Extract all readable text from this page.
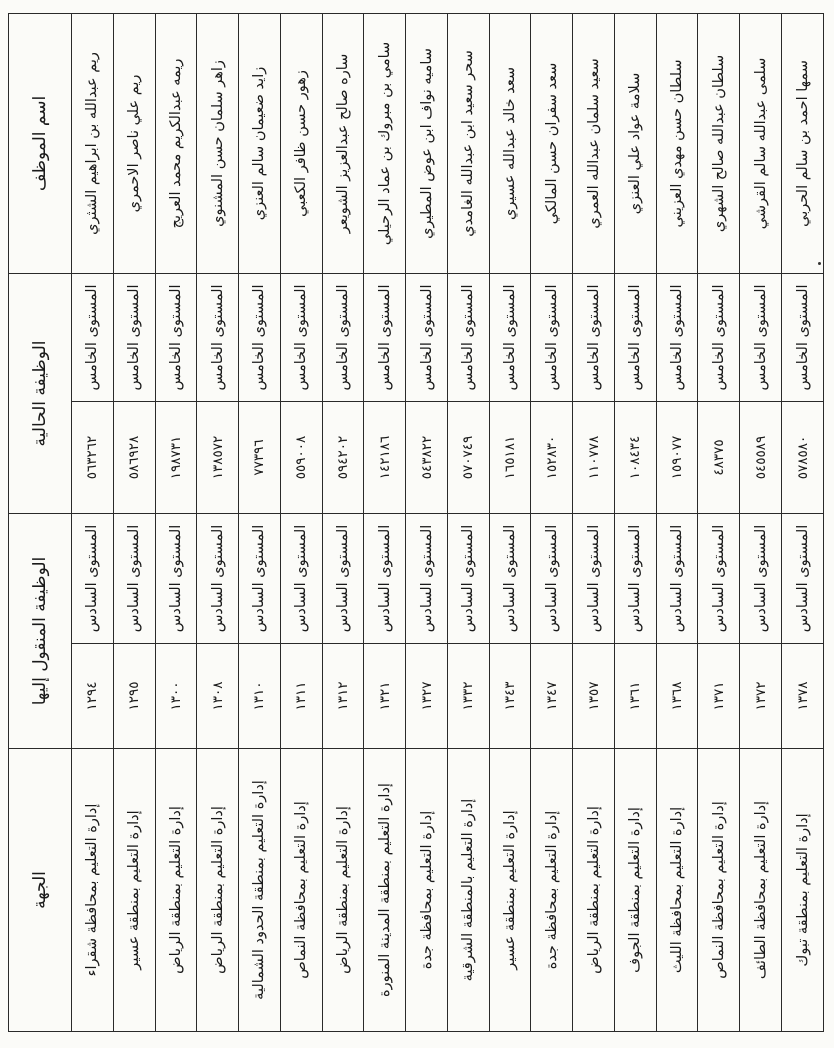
اسم الموظف	الوظيفة الحالية		الوظيفة المنقول إليها		الجهة
ريم عبدالله بن ابراهيم الشثري	المستوى الخامس	٥٦٣٢٦٢	المستوى السادس	١٢٩٤	إدارة التعليم بمحافظة شقراء
ريم علي ناصر الاحمري	المستوى الخامس	٥٨٦٩٢٨	المستوى السادس	١٢٩٥	إدارة التعليم بمنطقة عسير
ريمه عبدالكريم محمد العريج	المستوى الخامس	١٩٨٧٣١	المستوى السادس	١٣٠٠	إدارة التعليم بمنطقة الرياض
زاهر سلمان حسن المشنوي	المستوى الخامس	١٣٨٥٧٢	المستوى السادس	١٣٠٨	إدارة التعليم بمنطقة الرياض
زايد ضعيمان سالم العنزي	المستوى الخامس	٧٧٣٩٦	المستوى السادس	١٣١٠	إدارة التعليم بمنطقة الحدود الشمالية
زهور حسن ظافر الكعبي	المستوى الخامس	٥٥٩٠٠٨	المستوى السادس	١٣١١	إدارة التعليم بمحافظة النماص
ساره صالح عبدالعزيز الشويعر	المستوى الخامس	٥٩٤٢٠٢	المستوى السادس	١٣١٢	إدارة التعليم بمنطقة الرياض
سامي بن مبروك بن عماد الرحيلي	المستوى الخامس	١٤٢١٨٦	المستوى السادس	١٣٢١	إدارة التعليم بمنطقة المدينة المنورة
ساميه نواف ابن عوض المطيري	المستوى الخامس	٥٤٣٨٢٢	المستوى السادس	١٣٢٧	إدارة التعليم بمحافظة جدة
سحر سعيد ابن عبدالله الغامدي	المستوى الخامس	٥٧٠٧٤٩	المستوى السادس	١٣٣٢	إدارة التعليم بالمنطقة الشرقية
سعد خالد عبدالله عسيري	المستوى الخامس	١٦٥١٨١	المستوى السادس	١٣٤٣	إدارة التعليم بمنطقة عسير
سعد سفران حسن المالكي	المستوى الخامس	١٥٢٨٣٠	المستوى السادس	١٣٤٧	إدارة التعليم بمحافظة جدة
سعيد سلمان عبدالله العمري	المستوى الخامس	١١٠٧٧٨	المستوى السادس	١٣٥٧	إدارة التعليم بمنطقة الرياض
سلامة عواد علي العنزي	المستوى الخامس	١٠٨٤٣٤	المستوى السادس	١٣٦١	إدارة التعليم بمنطقة الجوف
سلطان حسن مهدي العزيني	المستوى الخامس	١٥٩٠٧٧	المستوى السادس	١٣٦٨	إدارة التعليم بمحافظة الليث
سلطان عبدالله صالح الشهري	المستوى الخامس	٤٨٣٧٥	المستوى السادس	١٣٧١	إدارة التعليم بمحافظة النماص
سلمى عبدالله سالم القرشي	المستوى الخامس	٥٤٥٥٨٩	المستوى السادس	١٣٧٢	إدارة التعليم بمحافظة الطائف
سمها احمد بن سالم الحربي	المستوى الخامس	٥٧٨٥٨٠	المستوى السادس	١٣٧٨	إدارة التعليم بمنطقة تبوك
